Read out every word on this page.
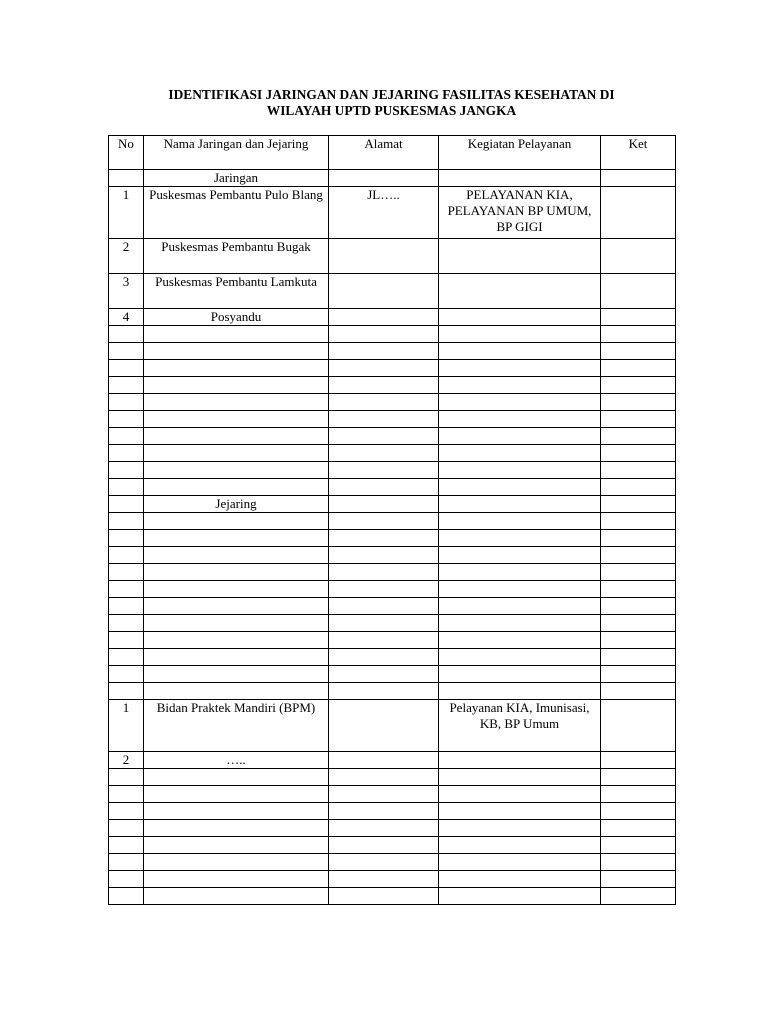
IDENTIFIKASI JARINGAN DAN JEJARING FASILITAS KESEHATAN DI
WILAYAH UPTD PUSKESMAS JANGKA
No	Nama Jaringan dan Jejaring	Alamat	Kegiatan Pelayanan	Ket
	Jaringan			
1	Puskesmas Pembantu Pulo Blang	JL…..	PELAYANAN KIA, PELAYANAN BP UMUM, BP GIGI	
2	Puskesmas Pembantu Bugak			
3	Puskesmas Pembantu Lamkuta			
4	Posyandu			

	Jejaring			

1	Bidan Praktek Mandiri (BPM)		Pelayanan KIA, Imunisasi, KB, BP Umum	
2	…..			
